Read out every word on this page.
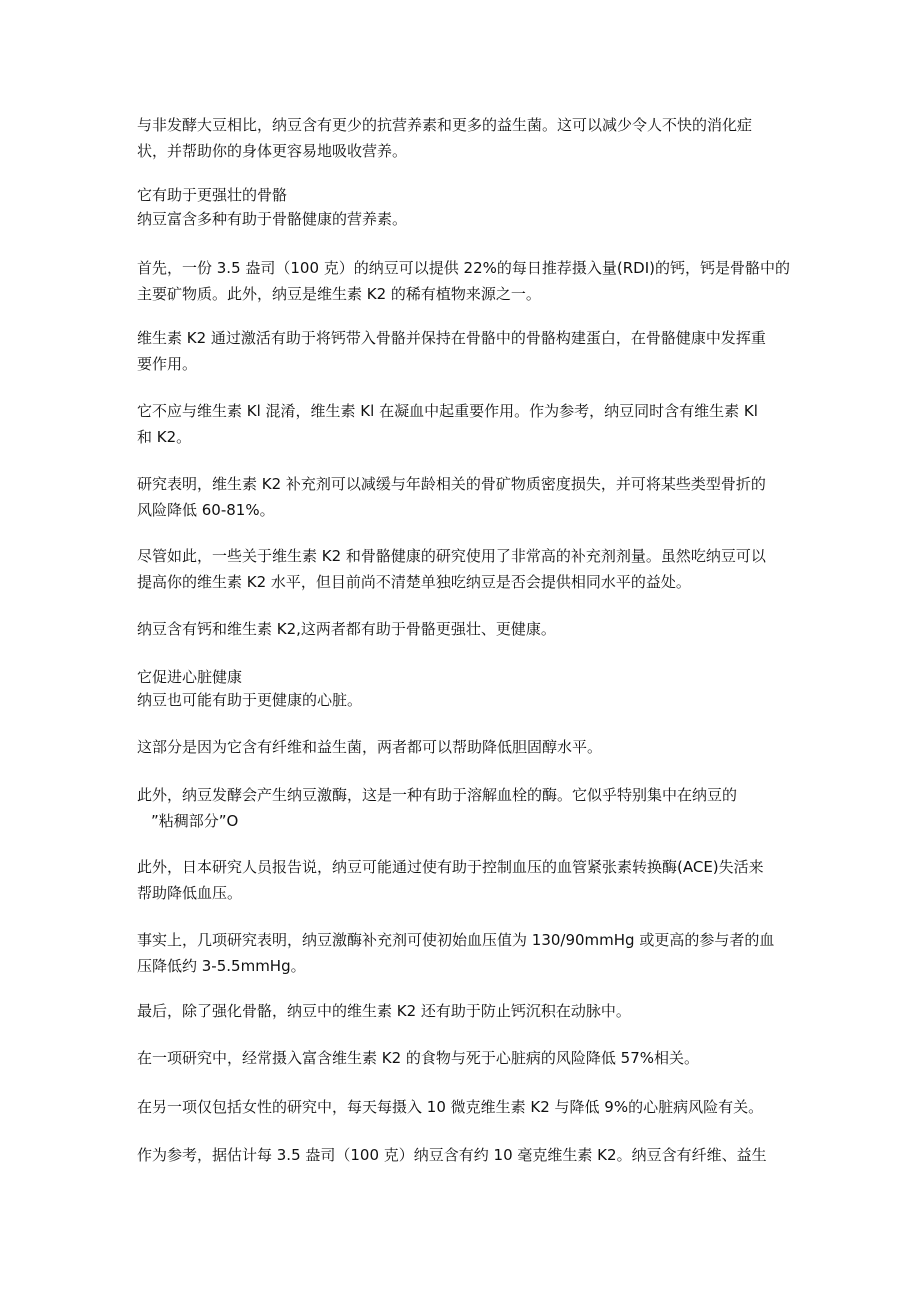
与非发酵大豆相比，纳豆含有更少的抗营养素和更多的益生菌。这可以减少令人不快的消化症
状，并帮助你的身体更容易地吸收营养。
它有助于更强壮的骨骼
纳豆富含多种有助于骨骼健康的营养素。
首先，一份 3.5 盎司（100 克）的纳豆可以提供 22%的每日推荐摄入量(RDI)的钙，钙是骨骼中的
主要矿物质。此外，纳豆是维生素 K2 的稀有植物来源之一。
维生素 K2 通过激活有助于将钙带入骨骼并保持在骨骼中的骨骼构建蛋白，在骨骼健康中发挥重
要作用。
它不应与维生素 Kl 混淆，维生素 Kl 在凝血中起重要作用。作为参考，纳豆同时含有维生素 Kl
和 K2。
研究表明，维生素 K2 补充剂可以减缓与年龄相关的骨矿物质密度损失，并可将某些类型骨折的
风险降低 60-81%。
尽管如此，一些关于维生素 K2 和骨骼健康的研究使用了非常高的补充剂剂量。虽然吃纳豆可以
提高你的维生素 K2 水平，但目前尚不清楚单独吃纳豆是否会提供相同水平的益处。
纳豆含有钙和维生素 K2,这两者都有助于骨骼更强壮、更健康。
它促进心脏健康
纳豆也可能有助于更健康的心脏。
这部分是因为它含有纤维和益生菌，两者都可以帮助降低胆固醇水平。
此外，纳豆发酵会产生纳豆激酶，这是一种有助于溶解血栓的酶。它似乎特别集中在纳豆的
”粘稠部分”O
此外，日本研究人员报告说，纳豆可能通过使有助于控制血压的血管紧张素转换酶(ACE)失活来
帮助降低血压。
事实上，几项研究表明，纳豆激酶补充剂可使初始血压值为 130/90mmHg 或更高的参与者的血
压降低约 3-5.5mmHg。
最后，除了强化骨骼，纳豆中的维生素 K2 还有助于防止钙沉积在动脉中。
在一项研究中，经常摄入富含维生素 K2 的食物与死于心脏病的风险降低 57%相关。
在另一项仅包括女性的研究中，每天每摄入 10 微克维生素 K2 与降低 9%的心脏病风险有关。
作为参考，据估计每 3.5 盎司（100 克）纳豆含有约 10 毫克维生素 K2。纳豆含有纤维、益生
